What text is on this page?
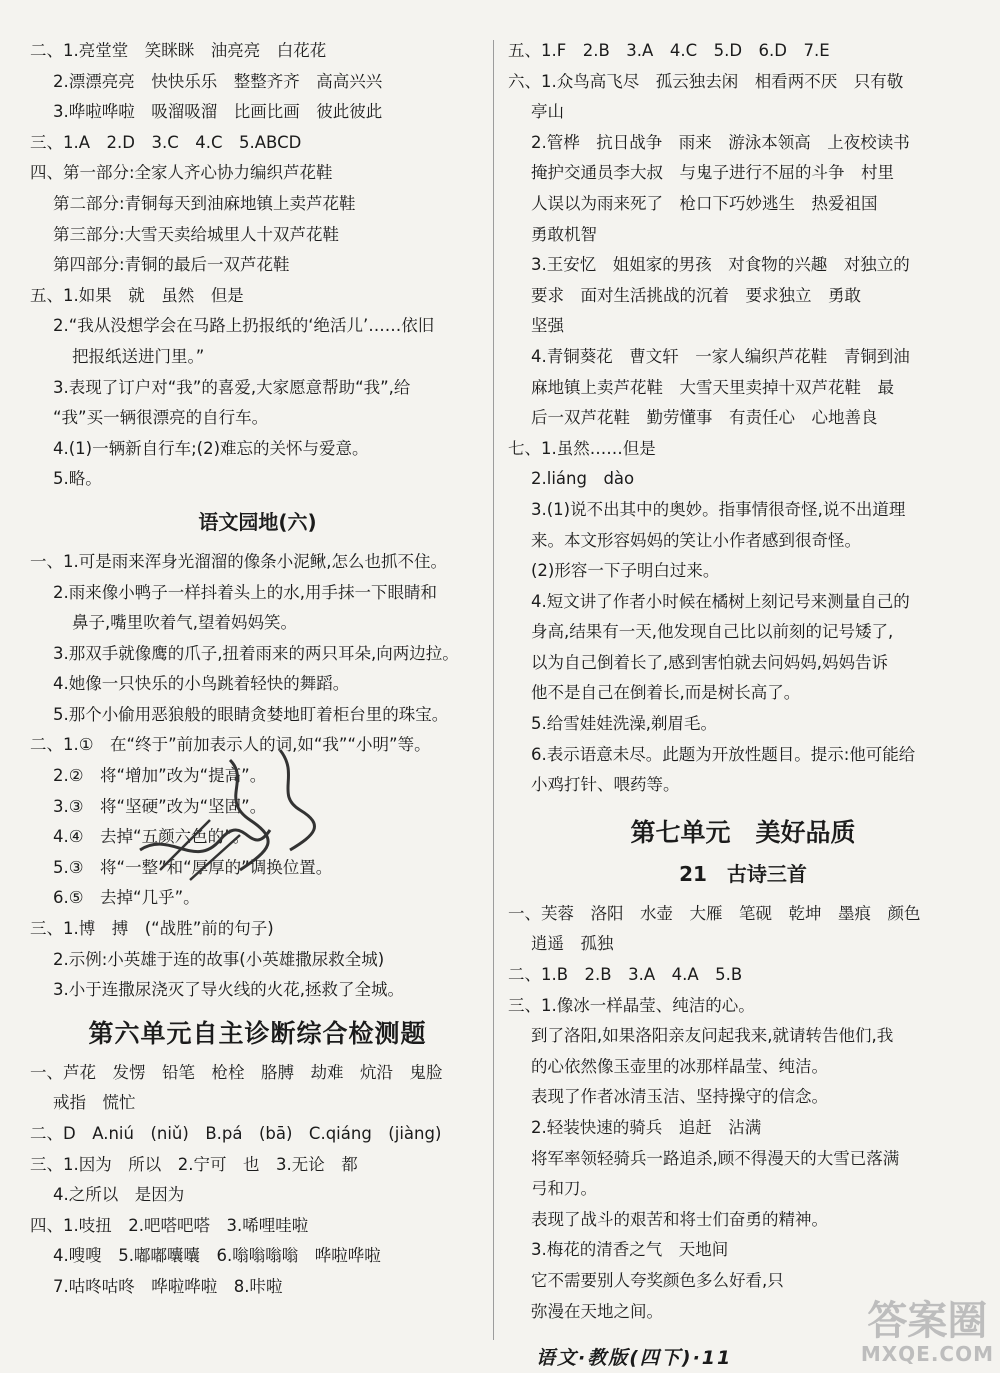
二、1.亮堂堂　笑眯眯　油亮亮　白花花
2.漂漂亮亮　快快乐乐　整整齐齐　高高兴兴
3.哗啦哗啦　吸溜吸溜　比画比画　彼此彼此
三、1.A　2.D　3.C　4.C　5.ABCD
四、第一部分:全家人齐心协力编织芦花鞋
第二部分:青铜每天到油麻地镇上卖芦花鞋
第三部分:大雪天卖给城里人十双芦花鞋
第四部分:青铜的最后一双芦花鞋
五、1.如果　就　虽然　但是
2.“我从没想学会在马路上扔报纸的‘绝活儿’……依旧
把报纸送进门里。”
3.表现了订户对“我”的喜爱,大家愿意帮助“我”,给
“我”买一辆很漂亮的自行车。
4.(1)一辆新自行车;(2)难忘的关怀与爱意。
5.略。
语文园地(六)
一、1.可是雨来浑身光溜溜的像条小泥鳅,怎么也抓不住。
2.雨来像小鸭子一样抖着头上的水,用手抹一下眼睛和
鼻子,嘴里吹着气,望着妈妈笑。
3.那双手就像鹰的爪子,扭着雨来的两只耳朵,向两边拉。
4.她像一只快乐的小鸟跳着轻快的舞蹈。
5.那个小偷用恶狼般的眼睛贪婪地盯着柜台里的珠宝。
二、1.①　在“终于”前加表示人的词,如“我”“小明”等。
2.②　将“增加”改为“提高”。
3.③　将“坚硬”改为“坚固”。
4.④　去掉“五颜六色的”。
5.③　将“一整”和“厚厚的”调换位置。
6.⑤　去掉“几乎”。
三、1.博　搏　(“战胜”前的句子)
2.示例:小英雄于连的故事(小英雄撒尿救全城)
3.小于连撒尿浇灭了导火线的火花,拯救了全城。
第六单元自主诊断综合检测题
一、芦花　发愣　铅笔　枪栓　胳膊　劫难　炕沿　鬼脸
戒指　慌忙
二、D　A.niú　(niǔ)　B.pá　(bā)　C.qiáng　(jiàng)
三、1.因为　所以　2.宁可　也　3.无论　都
4.之所以　是因为
四、1.吱扭　2.吧嗒吧嗒　3.唏哩哇啦
4.嗖嗖　5.嘟嘟囔囔　6.嗡嗡嗡嗡　哗啦哗啦
7.咕咚咕咚　哗啦哗啦　8.咔啦
五、1.F　2.B　3.A　4.C　5.D　6.D　7.E
六、1.众鸟高飞尽　孤云独去闲　相看两不厌　只有敬
亭山
2.管桦　抗日战争　雨来　游泳本领高　上夜校读书
掩护交通员李大叔　与鬼子进行不屈的斗争　村里
人误以为雨来死了　枪口下巧妙逃生　热爱祖国
勇敢机智
3.王安忆　姐姐家的男孩　对食物的兴趣　对独立的
要求　面对生活挑战的沉着　要求独立　勇敢
坚强
4.青铜葵花　曹文轩　一家人编织芦花鞋　青铜到油
麻地镇上卖芦花鞋　大雪天里卖掉十双芦花鞋　最
后一双芦花鞋　勤劳懂事　有责任心　心地善良
七、1.虽然……但是
2.liáng　dào
3.(1)说不出其中的奥妙。指事情很奇怪,说不出道理
来。本文形容妈妈的笑让小作者感到很奇怪。
(2)形容一下子明白过来。
4.短文讲了作者小时候在橘树上刻记号来测量自己的
身高,结果有一天,他发现自己比以前刻的记号矮了,
以为自己倒着长了,感到害怕就去问妈妈,妈妈告诉
他不是自己在倒着长,而是树长高了。
5.给雪娃娃洗澡,剃眉毛。
6.表示语意未尽。此题为开放性题目。提示:他可能给
小鸡打针、喂药等。
第七单元　美好品质
21　古诗三首
一、芙蓉　洛阳　水壶　大雁　笔砚　乾坤　墨痕　颜色
逍遥　孤独
二、1.B　2.B　3.A　4.A　5.B
三、1.像冰一样晶莹、纯洁的心。
到了洛阳,如果洛阳亲友问起我来,就请转告他们,我
的心依然像玉壶里的冰那样晶莹、纯洁。
表现了作者冰清玉洁、坚持操守的信念。
2.轻装快速的骑兵　追赶　沾满
将军率领轻骑兵一路追杀,顾不得漫天的大雪已落满
弓和刀。
表现了战斗的艰苦和将士们奋勇的精神。
3.梅花的清香之气　天地间
它不需要别人夸奖颜色多么好看,只
弥漫在天地之间。
语文·教版(四下)·11
答案圈
MXQE.COM
